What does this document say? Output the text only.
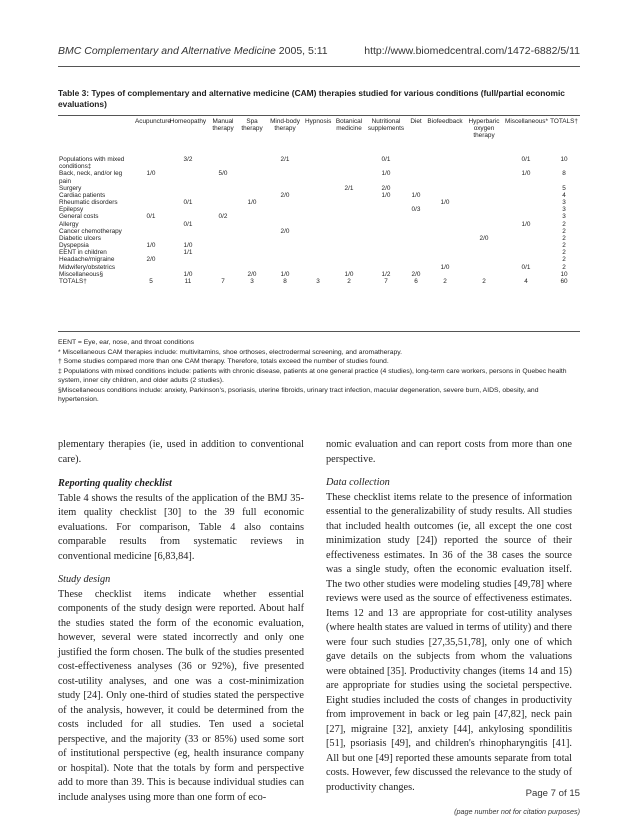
BMC Complementary and Alternative Medicine 2005, 5:11	http://www.biomedcentral.com/1472-6882/5/11
Table 3: Types of complementary and alternative medicine (CAM) therapies studied for various conditions (full/partial economic evaluations)
	Acupuncture	Homeopathy	Manual therapy	Spa therapy	Mind-body therapy	Hypnosis	Botanical medicine	Nutritional supplements	Diet	Biofeedback	Hyperbaric oxygen therapy	Miscellaneous*	TOTALS†
Populations with mixed conditions‡		3/2			2/1			0/1				0/1	10
Back, neck, and/or leg pain	1/0		5/0					1/0				1/0	8
Surgery							2/1	2/0					5
Cardiac patients					2/0			1/0	1/0				4
Rheumatic disorders		0/1		1/0						1/0			3
Epilepsy									0/3				3
General costs	0/1		0/2										3
Allergy		0/1										1/0	2
Cancer chemotherapy					2/0								2
Diabetic ulcers											2/0		2
Dyspepsia	1/0	1/0											2
EENT in children		1/1											2
Headache/migraine	2/0												2
Midwifery/obstetrics										1/0		0/1	2
Miscellaneous§		1/0		2/0	1/0		1/0	1/2	2/0				10
TOTALS†	5	11	7	3	8	3	2	7	6	2	2	4	60
EENT = Eye, ear, nose, and throat conditions
* Miscellaneous CAM therapies include: multivitamins, shoe orthoses, electrodermal screening, and aromatherapy.
† Some studies compared more than one CAM therapy. Therefore, totals exceed the number of studies found.
‡ Populations with mixed conditions include: patients with chronic disease, patients at one general practice (4 studies), long-term care workers, persons in Quebec health system, inner city children, and older adults (2 studies).
§Miscellaneous conditions include: anxiety, Parkinson's, psoriasis, uterine fibroids, urinary tract infection, macular degeneration, severe burn, AIDS, obesity, and hypertension.

plementary therapies (ie, used in addition to conventional care).

Reporting quality checklist

Table 4 shows the results of the application of the BMJ 35-item quality checklist [30] to the 39 full economic evaluations. For comparison, Table 4 also contains comparable results from systematic reviews in conventional medicine [6,83,84].

Study design

These checklist items indicate whether essential components of the study design were reported. About half the studies stated the form of the economic evaluation, however, several were stated incorrectly and only one justified the form chosen. The bulk of the studies presented cost-effectiveness analyses (36 or 92%), five presented cost-utility analyses, and one was a cost-minimization study [24]. Only one-third of studies stated the perspective of the analysis, however, it could be determined from the costs included for all studies. Ten used a societal perspective, and the majority (33 or 85%) used some sort of institutional perspective (eg, health insurance company or hospital). Note that the totals by form and perspective add to more than 39. This is because individual studies can include analyses using more than one form of eco-

nomic evaluation and can report costs from more than one perspective.

Data collection

These checklist items relate to the presence of information essential to the generalizability of study results. All studies that included health outcomes (ie, all except the one cost minimization study [24]) reported the source of their effectiveness estimates. In 36 of the 38 cases the source was a single study, often the economic evaluation itself. The two other studies were modeling studies [49,78] where reviews were used as the source of effectiveness estimates. Items 12 and 13 are appropriate for cost-utility analyses (where health states are valued in terms of utility) and there were four such studies [27,35,51,78], only one of which gave details on the subjects from whom the valuations were obtained [35]. Productivity changes (items 14 and 15) are appropriate for studies using the societal perspective. Eight studies included the costs of changes in productivity from improvement in back or leg pain [47,82], neck pain [27], migraine [32], anxiety [44], ankylosing spondilitis [51], psoriasis [49], and children's rhinopharyngitis [41]. All but one [49] reported these amounts separate from total costs. However, few discussed the relevance to the study of productivity changes.

Page 7 of 15
(page number not for citation purposes)
